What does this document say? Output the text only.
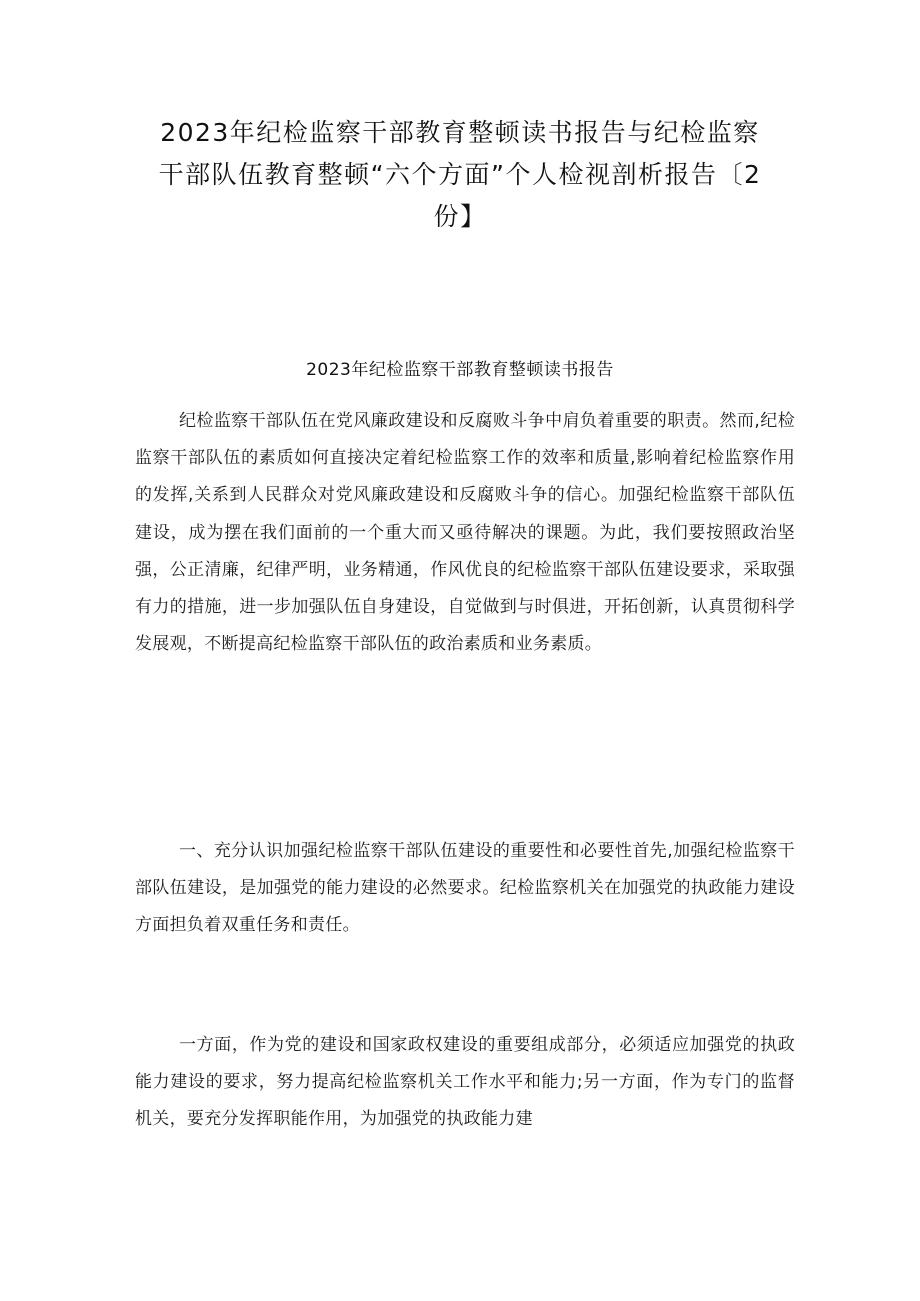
2023年纪检监察干部教育整顿读书报告与纪检监察
干部队伍教育整顿“六个方面”个人检视剖析报告〔2
份】
2023年纪检监察干部教育整顿读书报告

纪检监察干部队伍在党风廉政建设和反腐败斗争中肩负着重要的职责。然而,纪检监察干部队伍的素质如何直接决定着纪检监察工作的效率和质量,影响着纪检监察作用的发挥,关系到人民群众对党风廉政建设和反腐败斗争的信心。加强纪检监察干部队伍建设，成为摆在我们面前的一个重大而又亟待解决的课题。为此，我们要按照政治坚强，公正清廉，纪律严明，业务精通，作风优良的纪检监察干部队伍建设要求，采取强有力的措施，进一步加强队伍自身建设，自觉做到与时俱进，开拓创新，认真贯彻科学发展观，不断提高纪检监察干部队伍的政治素质和业务素质。

一、充分认识加强纪检监察干部队伍建设的重要性和必要性首先,加强纪检监察干部队伍建设，是加强党的能力建设的必然要求。纪检监察机关在加强党的执政能力建设方面担负着双重任务和责任。

一方面，作为党的建设和国家政权建设的重要组成部分，必须适应加强党的执政能力建设的要求，努力提高纪检监察机关工作水平和能力;另一方面，作为专门的监督机关，要充分发挥职能作用，为加强党的执政能力建
